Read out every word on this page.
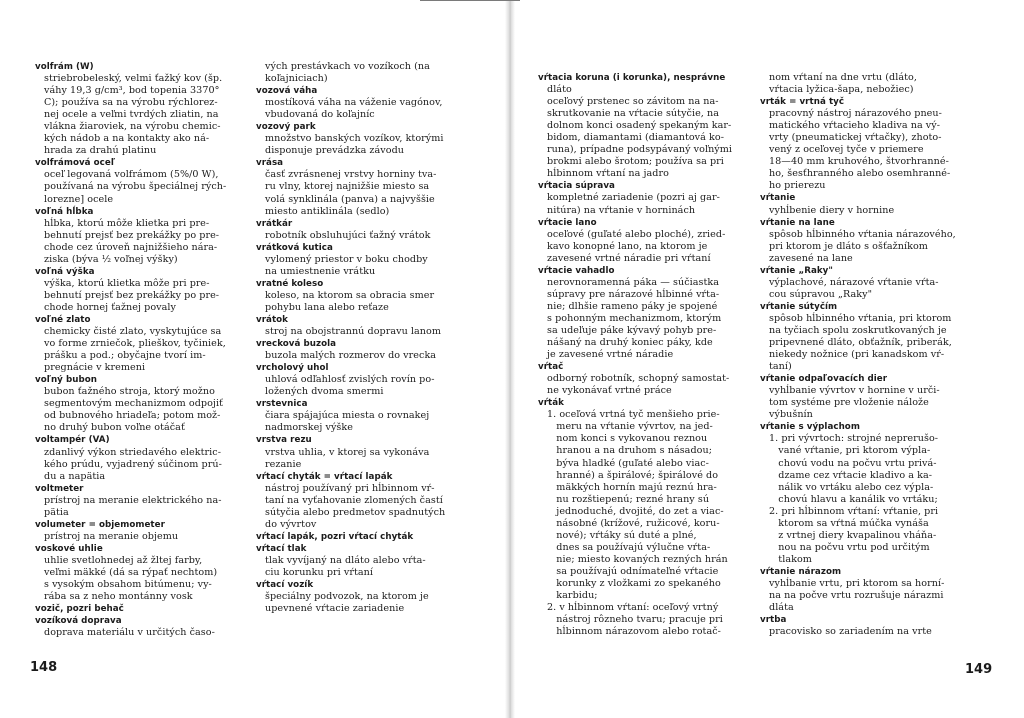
volfrám (W)
striebrobeleský, velmi ťažký kov (šp.
váhy 19,3 g/cm³, bod topenia 3370°
C); používa sa na výrobu rýchlorez-
nej ocele a veľmi tvrdých zliatin, na
vlákna žiaroviek, na výrobu chemic-
kých nádob a na kontakty ako ná-
hrada za drahú platinu
volfrámová oceľ
oceľ legovaná volfrámom (5%/0 W),
používaná na výrobu špeciálnej rých-
lorezne] ocele
voľná hĺbka
hĺbka, ktorú môže klietka pri pre-
behnutí prejsť bez prekážky po pre-
chode cez úroveň najnižšieho nára-
ziska (býva ½ voľnej výšky)
voľná výška
výška, ktorú klietka môže pri pre-
behnutí prejsť bez prekážky po pre-
chode hornej ťažnej povaly
voľné zlato
chemicky čisté zlato, vyskytujúce sa
vo forme zrniečok, plieškov, tyčiniek,
prášku a pod.; obyčajne tvorí im-
pregnácie v kremeni
voľný bubon
bubon ťažného stroja, ktorý možno
segmentovým mechanizmom odpojiť
od bubnového hriadeľa; potom mož-
no druhý bubon voľne otáčať
voltampér (VA)
zdanlivý výkon striedavého elektric-
kého prúdu, vyjadrený súčinom prú-
du a napätia
voltmeter
prístroj na meranie elektrického na-
pätia
volumeter = objemometer
prístroj na meranie objemu
voskové uhlie
uhlie svetlohnedej až žltej farby,
veľmi mäkké (dá sa rýpať nechtom)
s vysokým obsahom bitúmenu; vy-
rába sa z neho montánny vosk
vozič, pozri behač
vozíková doprava
doprava materiálu v určitých časo-
vých prestávkach vo vozíkoch (na
koľajniciach)
vozová váha
mostíková váha na váženie vagónov,
vbudovaná do koľajníc
vozový park
množstvo banských vozíkov, ktorými
disponuje prevádzka závodu
vrása
časť zvrásnenej vrstvy horniny tva-
ru vlny, ktorej najnižšie miesto sa
volá synklinála (panva) a najvyššie
miesto antiklinála (sedlo)
vrátkár
robotník obsluhujúci ťažný vrátok
vrátková kutica
vylomený priestor v boku chodby
na umiestnenie vrátku
vratné koleso
koleso, na ktorom sa obracia smer
pohybu lana alebo reťaze
vrátok
stroj na obojstrannú dopravu lanom
vrecková buzola
buzola malých rozmerov do vrecka
vrcholový uhol
uhlová odľahlosť zvislých rovín po-
ložených dvoma smermi
vrstevnica
čiara spájajúca miesta o rovnakej
nadmorskej výške
vrstva rezu
vrstva uhlia, v ktorej sa vykonáva
rezanie
vŕtací chyták = vŕtací lapák
nástroj používaný pri hĺbinnom vŕ-
taní na vyťahovanie zlomených častí
sútyčia alebo predmetov spadnutých
do vývrtov
vŕtací lapák, pozri vŕtací chyták
vŕtací tlak
tlak vyvíjaný na dláto alebo vŕta-
ciu korunku pri vŕtaní
vŕtací vozík
špeciálny podvozok, na ktorom je
upevnené vŕtacie zariadenie
148
vŕtacia koruna (i korunka), nesprávne
dláto
oceľový prstenec so závitom na na-
skrutkovanie na vŕtacie sútyčie, na
dolnom konci osadený spekaným kar-
bidom, diamantami (diamantová ko-
runa), prípadne podsypávaný voľnými
brokmi alebo šrotom; používa sa pri
hĺbinnom vŕtaní na jadro
vŕtacia súprava
kompletné zariadenie (pozri aj gar-
nitúra) na vŕtanie v horninách
vŕtacie lano
oceľové (guľaté alebo ploché), zried-
kavo konopné lano, na ktorom je
zavesené vrtné náradie pri vŕtaní
vŕtacie vahadlo
nerovnoramenná páka — súčiastka
súpravy pre nárazové hĺbinné vŕta-
nie; dlhšie rameno páky je spojené
s pohonným mechanizmom, ktorým
sa udeľuje páke kývavý pohyb pre-
nášaný na druhý koniec páky, kde
je zavesené vrtné náradie
vŕtač
odborný robotník, schopný samostat-
ne vykonávať vrtné práce
vŕták
1. oceľová vrtná tyč menšieho prie-
meru na vŕtanie vývrtov, na jed-
nom konci s vykovanou reznou
hranou a na druhom s násadou;
býva hladké (guľaté alebo viac-
hranné) a špirálové; špirálové do
mäkkých hornín majú reznú hra-
nu rozštiepenú; rezné hrany sú
jednoduché, dvojité, do zet a viac-
násobné (krížové, ružicové, koru-
nové); vŕtáky sú duté a plné,
dnes sa používajú výlučne vŕta-
nie; miesto kovaných rezných hrán
sa používajú odnímateľné vŕtacie
korunky z vložkami zo spekaného
karbidu;
2. v hĺbinnom vŕtaní: oceľový vrtný
nástroj rôzneho tvaru; pracuje pri
hĺbinnom nárazovom alebo rotač-
nom vŕtaní na dne vrtu (dláto,
vŕtacia lyžica-šapa, nebožiec)
vrták = vrtná tyč
pracovný nástroj nárazového pneu-
matického vŕtacieho kladiva na vý-
vrty (pneumatickej vŕtačky), zhoto-
vený z oceľovej tyče v priemere
18—40 mm kruhového, štvorhranné-
ho, šesťhranného alebo osemhranné-
ho prierezu
vŕtanie
vyhĺbenie diery v hornine
vŕtanie na lane
spôsob hĺbinného vŕtania nárazového,
pri ktorom je dláto s ošťažníkom
zavesené na lane
vŕtanie „Raky"
výplachové, nárazové vŕtanie vŕta-
cou súpravou „Raky"
vŕtanie sútyčím
spôsob hĺbinného vŕtania, pri ktorom
na tyčiach spolu zoskrutkovaných je
pripevnené dláto, obťažník, priberák,
niekedy nožnice (pri kanadskom vŕ-
taní)
vŕtanie odpaľovacích dier
vyhĺbanie vývrtov v hornine v urči-
tom systéme pre vloženie nálože
výbušnín
vŕtanie s výplachom
1. pri vývrtoch: strojné neprerušo-
vané vŕtanie, pri ktorom výpla-
chovú vodu na počvu vrtu privá-
dzame cez vŕtacie kladivo a ka-
nálik vo vrtáku alebo cez výpla-
chovú hlavu a kanálik vo vrtáku;
2. pri hĺbinnom vŕtaní: vŕtanie, pri
ktorom sa vŕtná múčka vynáša
z vrtnej diery kvapalinou vháňa-
nou na počvu vrtu pod určitým
tlakom
vŕtanie nárazom
vyhĺbanie vrtu, pri ktorom sa horní-
na na počve vrtu rozrušuje nárazmi
dláta
vrtba
pracovisko so zariadením na vrte
149
